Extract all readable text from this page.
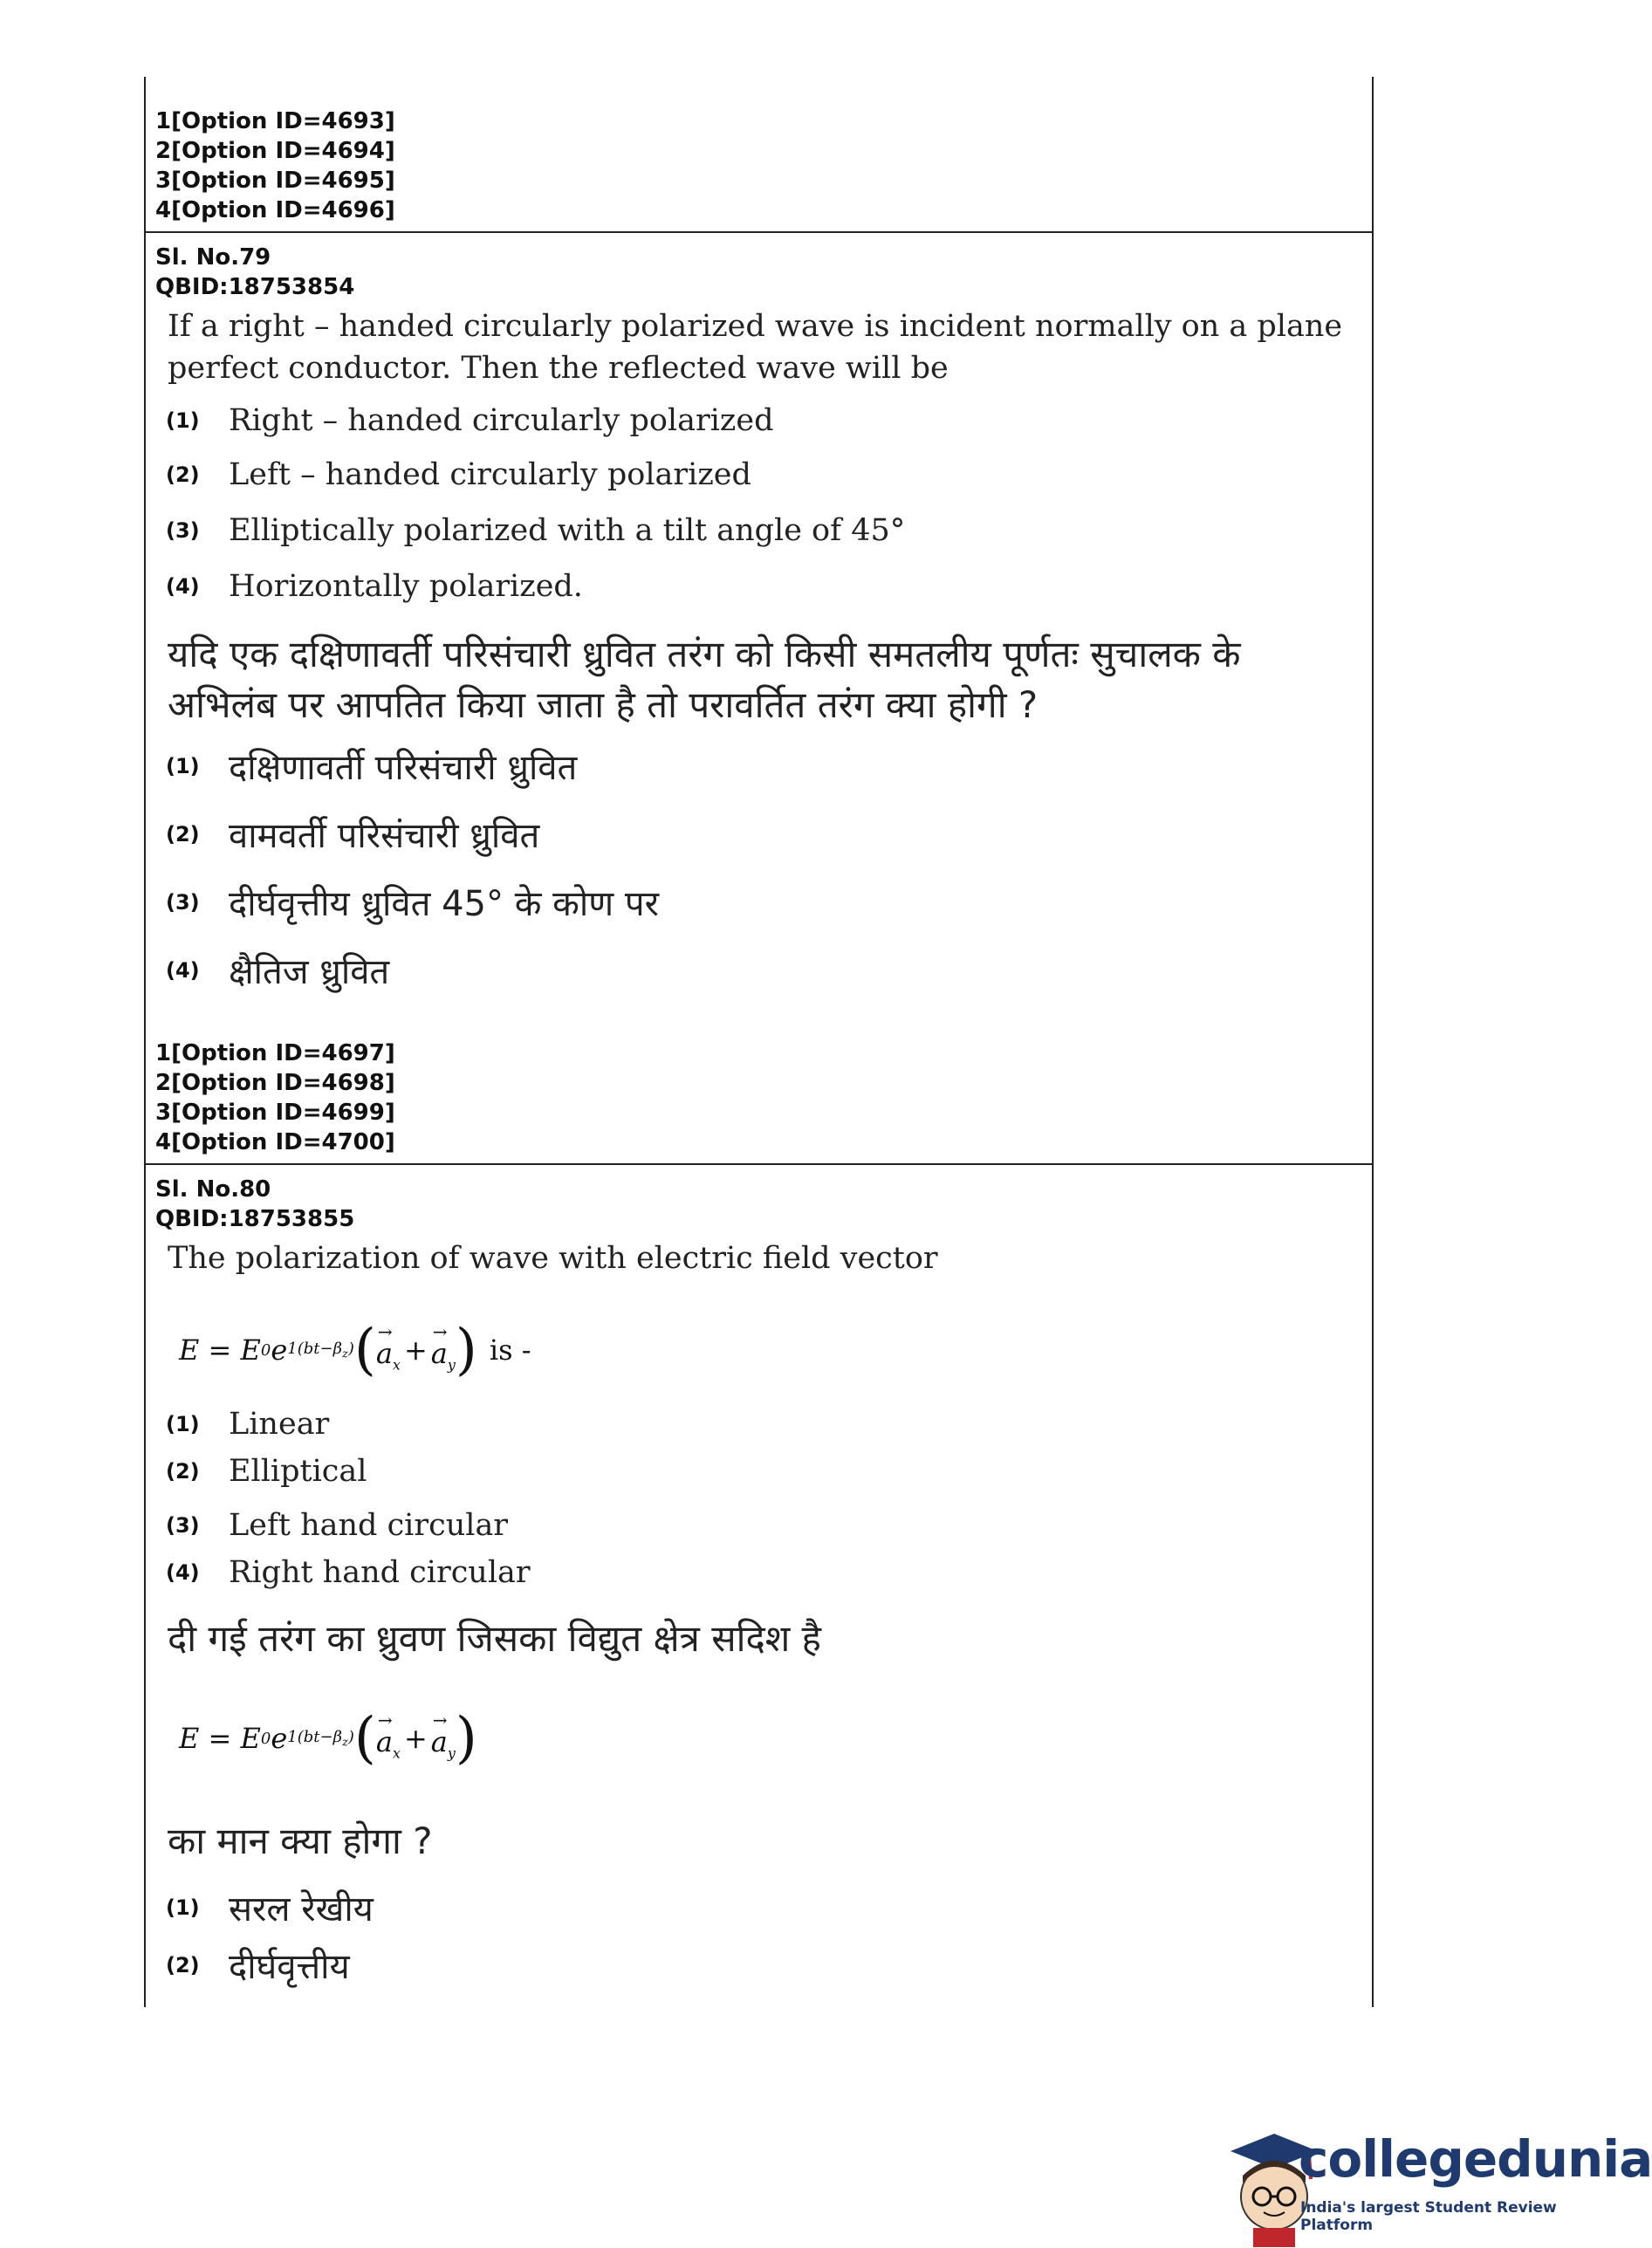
1[Option ID=4693]
2[Option ID=4694]
3[Option ID=4695]
4[Option ID=4696]
Sl. No.79
QBID:18753854
If a right – handed circularly polarized wave is incident normally on a plane
perfect conductor. Then the reflected wave will be
(1) Right – handed circularly polarized
(2) Left – handed circularly polarized
(3) Elliptically polarized with a tilt angle of 45°
(4) Horizontally polarized.
यदि एक दक्षिणावर्ती परिसंचारी ध्रुवित तरंग को किसी समतलीय पूर्णतः सुचालक के
अभिलंब पर आपतित किया जाता है तो परावर्तित तरंग क्या होगी ?
(1) दक्षिणावर्ती परिसंचारी ध्रुवित
(2) वामवर्ती परिसंचारी ध्रुवित
(3) दीर्घवृत्तीय ध्रुवित 45° के कोण पर
(4) क्षैतिज ध्रुवित
1[Option ID=4697]
2[Option ID=4698]
3[Option ID=4699]
4[Option ID=4700]
Sl. No.80
QBID:18753855
The polarization of wave with electric field vector
E = E 0 e $1(bt-\beta_z)$ ( → $a_x$ + → $a_y$ ) is -
(1) Linear
(2) Elliptical
(3) Left hand circular
(4) Right hand circular
दी गई तरंग का ध्रुवण जिसका विद्युत क्षेत्र सदिश है
E = E 0 e $1(bt-\beta_z)$ ( → $a_x$ + → $a_y$ )
का मान क्या होगा ?
(1) सरल रेखीय
(2) दीर्घवृत्तीय
collegedunia
India's largest Student Review Platform
